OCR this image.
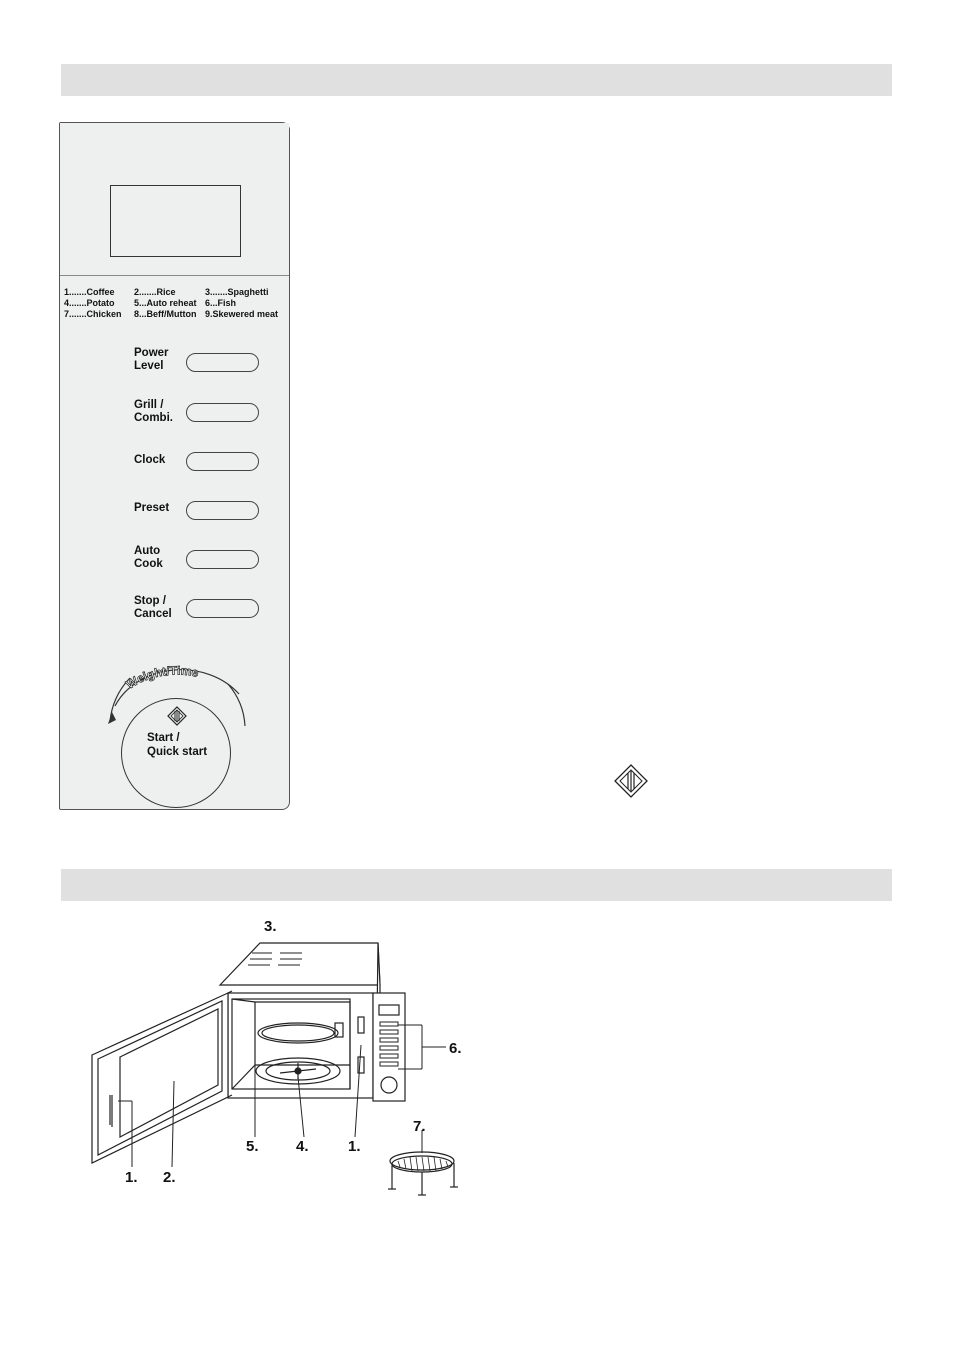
1.......Coffee 2.......Rice	3.......Spaghetti
4.......Potato 5...Auto reheat 6...Fish
7.......Chicken 8...Beff/Mutton 9.Skewered meat
Power
Level
Grill /
Combi.
Clock
Preset
Auto
Cook
Stop /
Cancel
Weight/Time
Start /
Quick start
3.
6.
7.
5. 4.	1.
1. 2.
